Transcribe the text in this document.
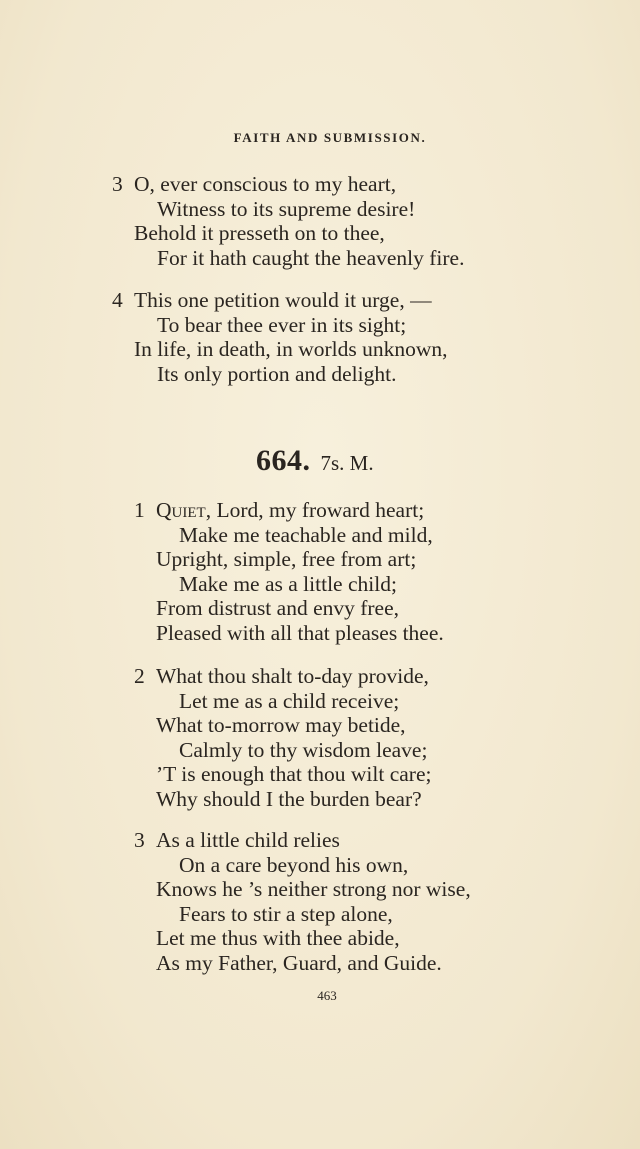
FAITH AND SUBMISSION.
3 O, ever conscious to my heart,
Witness to its supreme desire!
Behold it presseth on to thee,
For it hath caught the heavenly fire.
4 This one petition would it urge, —
To bear thee ever in its sight;
In life, in death, in worlds unknown,
Its only portion and delight.
664. 7s. M.
1 Quiet, Lord, my froward heart;
Make me teachable and mild,
Upright, simple, free from art;
Make me as a little child;
From distrust and envy free,
Pleased with all that pleases thee.
2 What thou shalt to-day provide,
Let me as a child receive;
What to-morrow may betide,
Calmly to thy wisdom leave;
’T is enough that thou wilt care;
Why should I the burden bear?
3 As a little child relies
On a care beyond his own,
Knows he ’s neither strong nor wise,
Fears to stir a step alone,
Let me thus with thee abide,
As my Father, Guard, and Guide.
463
